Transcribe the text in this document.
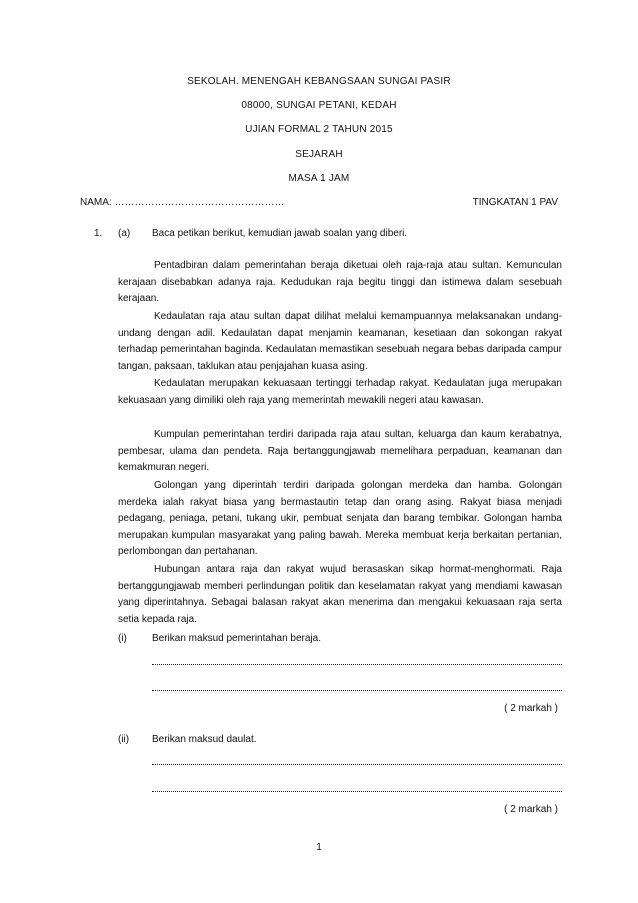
SEKOLAH. MENENGAH KEBANGSAAN SUNGAI PASIR
08000, SUNGAI PETANI, KEDAH
UJIAN FORMAL 2 TAHUN 2015
SEJARAH
MASA 1 JAM
NAMA: ……………………………………………	TINGKATAN 1 PAV
1. (a) Baca petikan berikut, kemudian jawab soalan yang diberi.
Pentadbiran dalam pemerintahan beraja diketuai oleh raja-raja atau sultan. Kemunculan kerajaan disebabkan adanya raja. Kedudukan raja begitu tinggi dan istimewa dalam sesebuah kerajaan.
Kedaulatan raja atau sultan dapat dilihat melalui kemampuannya melaksanakan undang-undang dengan adil. Kedaulatan dapat menjamin keamanan, kesetiaan dan sokongan rakyat terhadap pemerintahan baginda. Kedaulatan memastikan sesebuah negara bebas daripada campur tangan, paksaan, taklukan atau penjajahan kuasa asing.
Kedaulatan merupakan kekuasaan tertinggi terhadap rakyat. Kedaulatan juga merupakan kekuasaan yang dimiliki oleh raja yang memerintah mewakili negeri atau kawasan.
Kumpulan pemerintahan terdiri daripada raja atau sultan, keluarga dan kaum kerabatnya, pembesar, ulama dan pendeta. Raja bertanggungjawab memelihara perpaduan, keamanan dan kemakmuran negeri.
Golongan yang diperintah terdiri daripada golongan merdeka dan hamba. Golongan merdeka ialah rakyat biasa yang bermastautin tetap dan orang asing. Rakyat biasa menjadi pedagang, peniaga, petani, tukang ukir, pembuat senjata dan barang tembikar. Golongan hamba merupakan kumpulan masyarakat yang paling bawah. Mereka membuat kerja berkaitan pertanian, perlombongan dan pertahanan.
Hubungan antara raja dan rakyat wujud berasaskan sikap hormat-menghormati. Raja bertanggungjawab memberi perlindungan politik dan keselamatan rakyat yang mendiami kawasan yang diperintahnya. Sebagai balasan rakyat akan menerima dan mengakui kekuasaan raja serta setia kepada raja.
(i)	Berikan maksud pemerintahan beraja.
( 2 markah )
(ii) Berikan maksud daulat.
( 2 markah )
1
